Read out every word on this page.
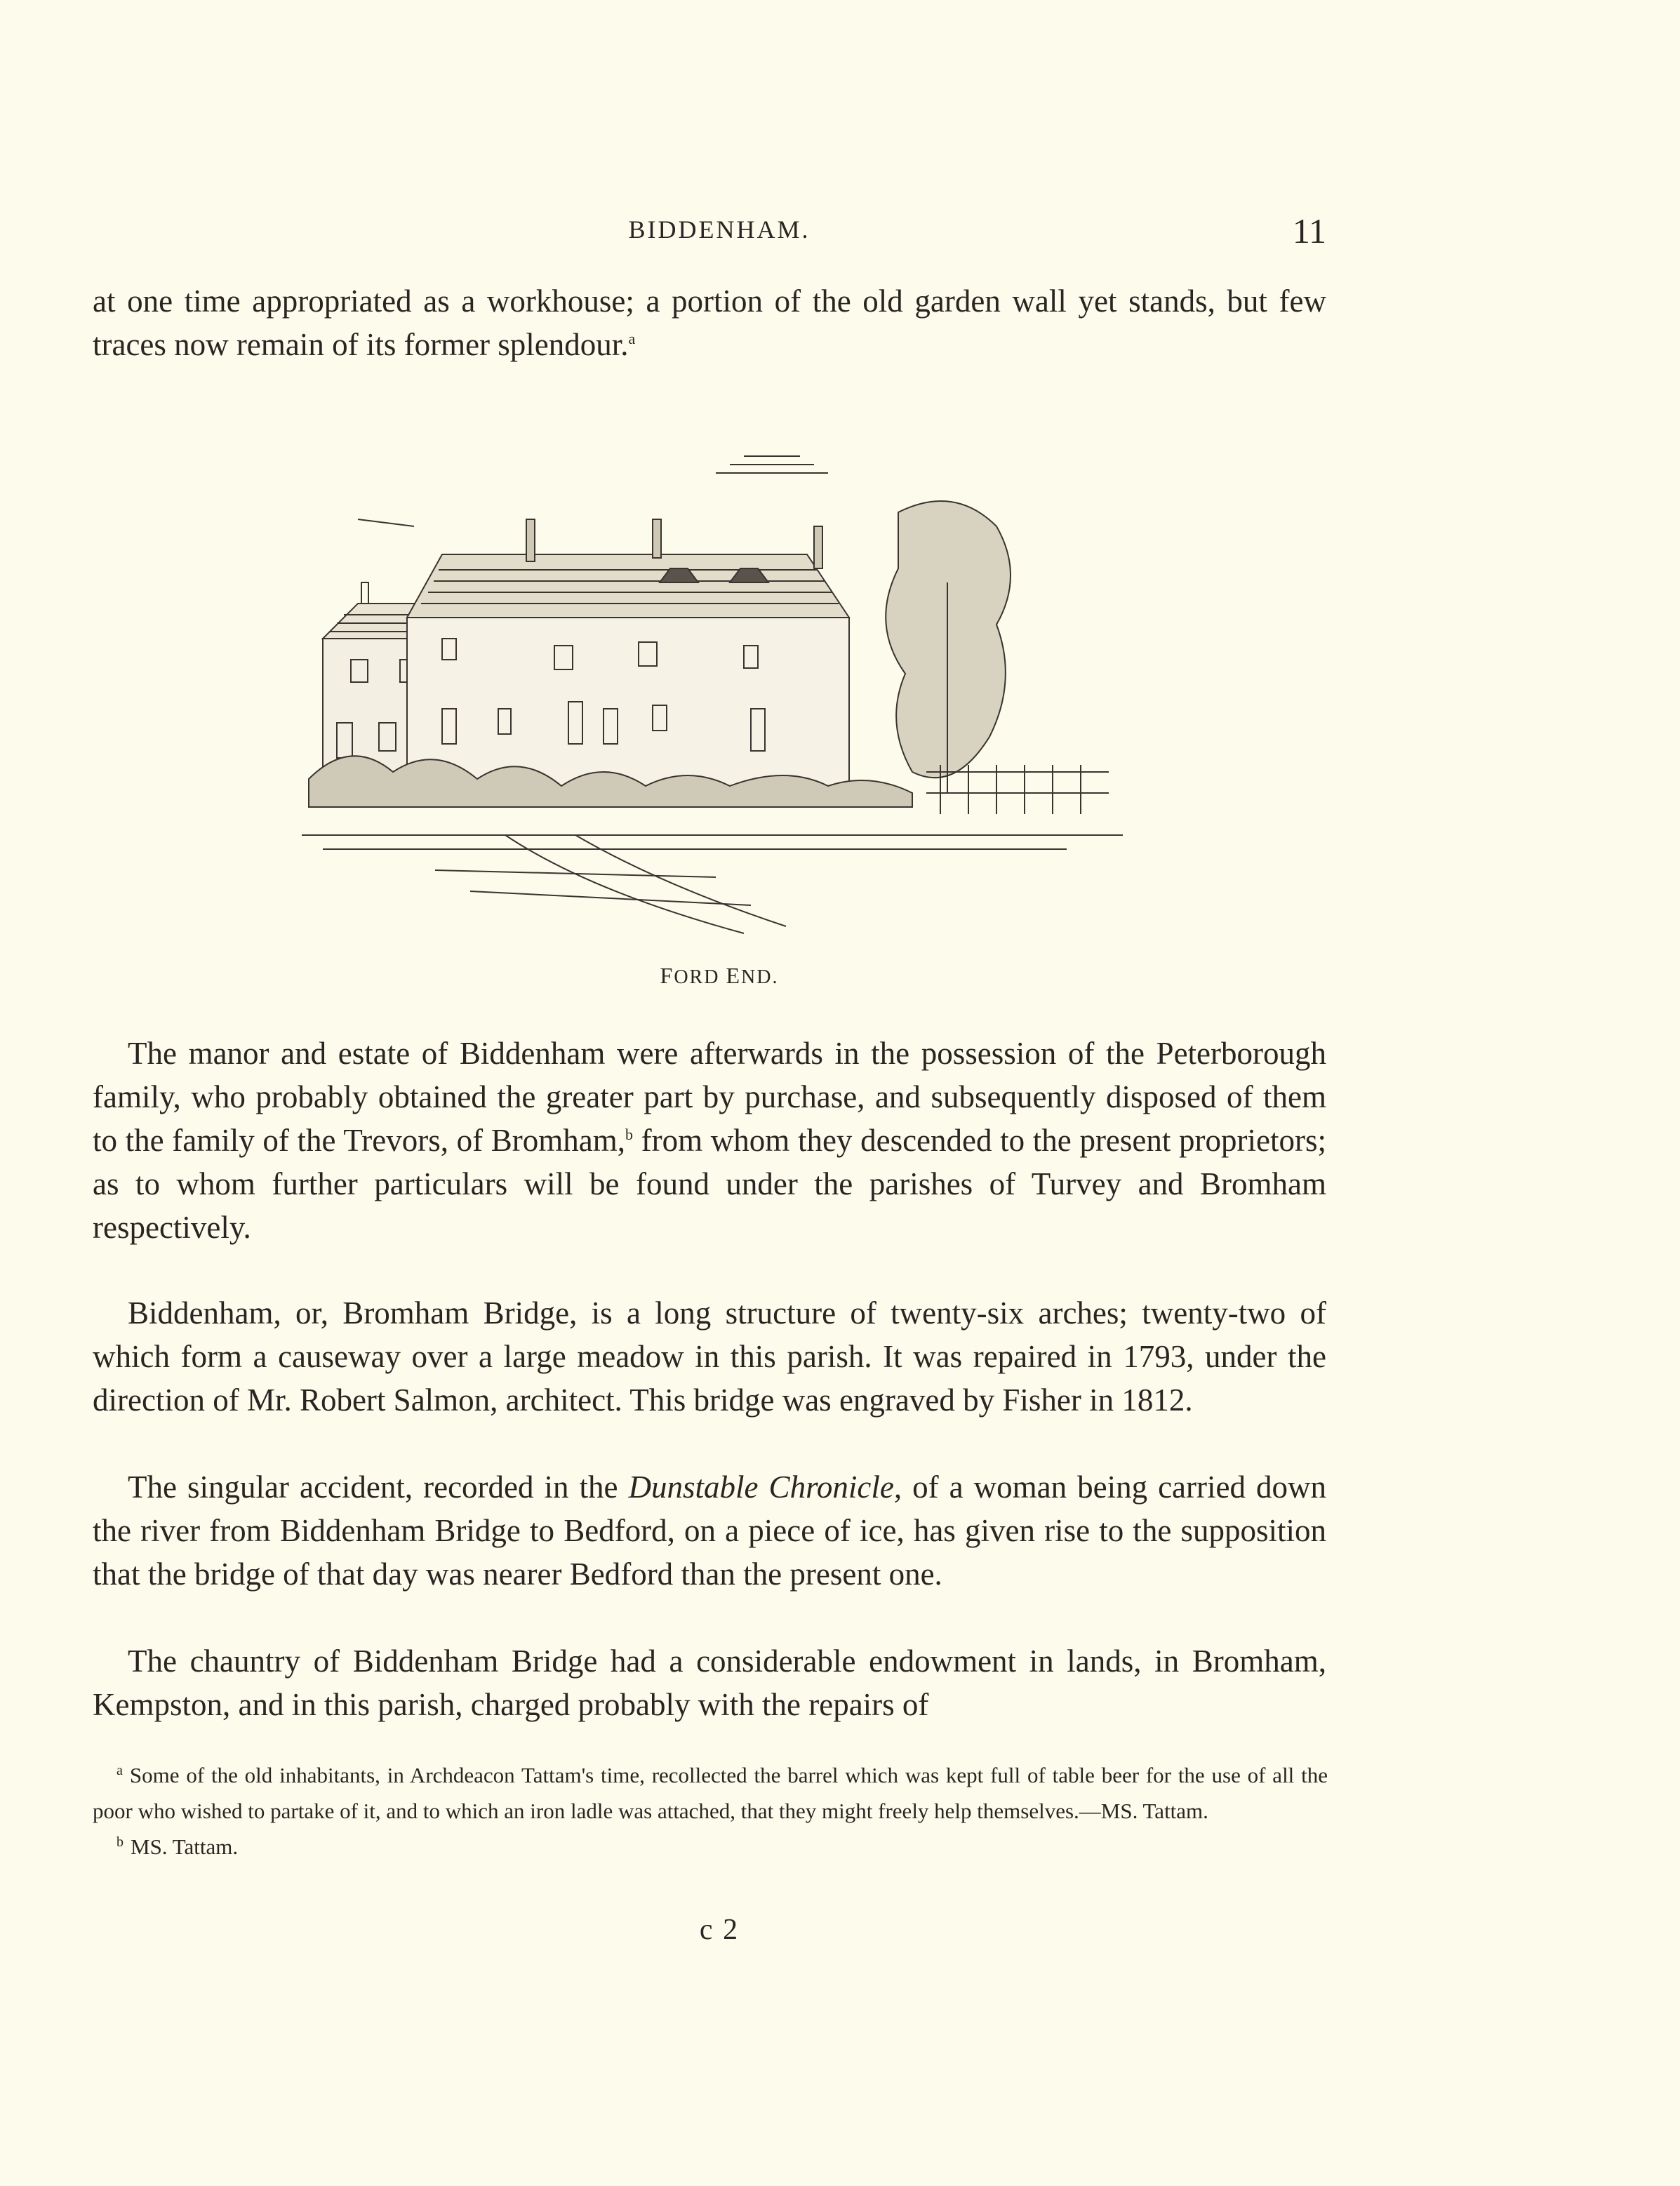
BIDDENHAM.	11

at one time appropriated as a workhouse; a portion of the old garden wall yet stands, but few traces now remain of its former splendour.$^a$

FORD END.

The manor and estate of Biddenham were afterwards in the possession of the Peterborough family, who probably obtained the greater part by purchase, and subsequently disposed of them to the family of the Trevors, of Bromham,$^b$ from whom they descended to the present proprietors; as to whom further particulars will be found under the parishes of Turvey and Bromham respectively.

Biddenham, or, Bromham Bridge, is a long structure of twenty-six arches; twenty-two of which form a causeway over a large meadow in this parish. It was repaired in 1793, under the direction of Mr. Robert Salmon, architect. This bridge was engraved by Fisher in 1812.

The singular accident, recorded in the Dunstable Chronicle, of a woman being carried down the river from Biddenham Bridge to Bedford, on a piece of ice, has given rise to the supposition that the bridge of that day was nearer Bedford than the present one.

The chauntry of Biddenham Bridge had a considerable endowment in lands, in Bromham, Kempston, and in this parish, charged probably with the repairs of

$^a$ Some of the old inhabitants, in Archdeacon Tattam's time, recollected the barrel which was kept full of table beer for the use of all the poor who wished to partake of it, and to which an iron ladle was attached, that they might freely help themselves.—MS. Tattam.

$^b$ MS. Tattam.

c 2
